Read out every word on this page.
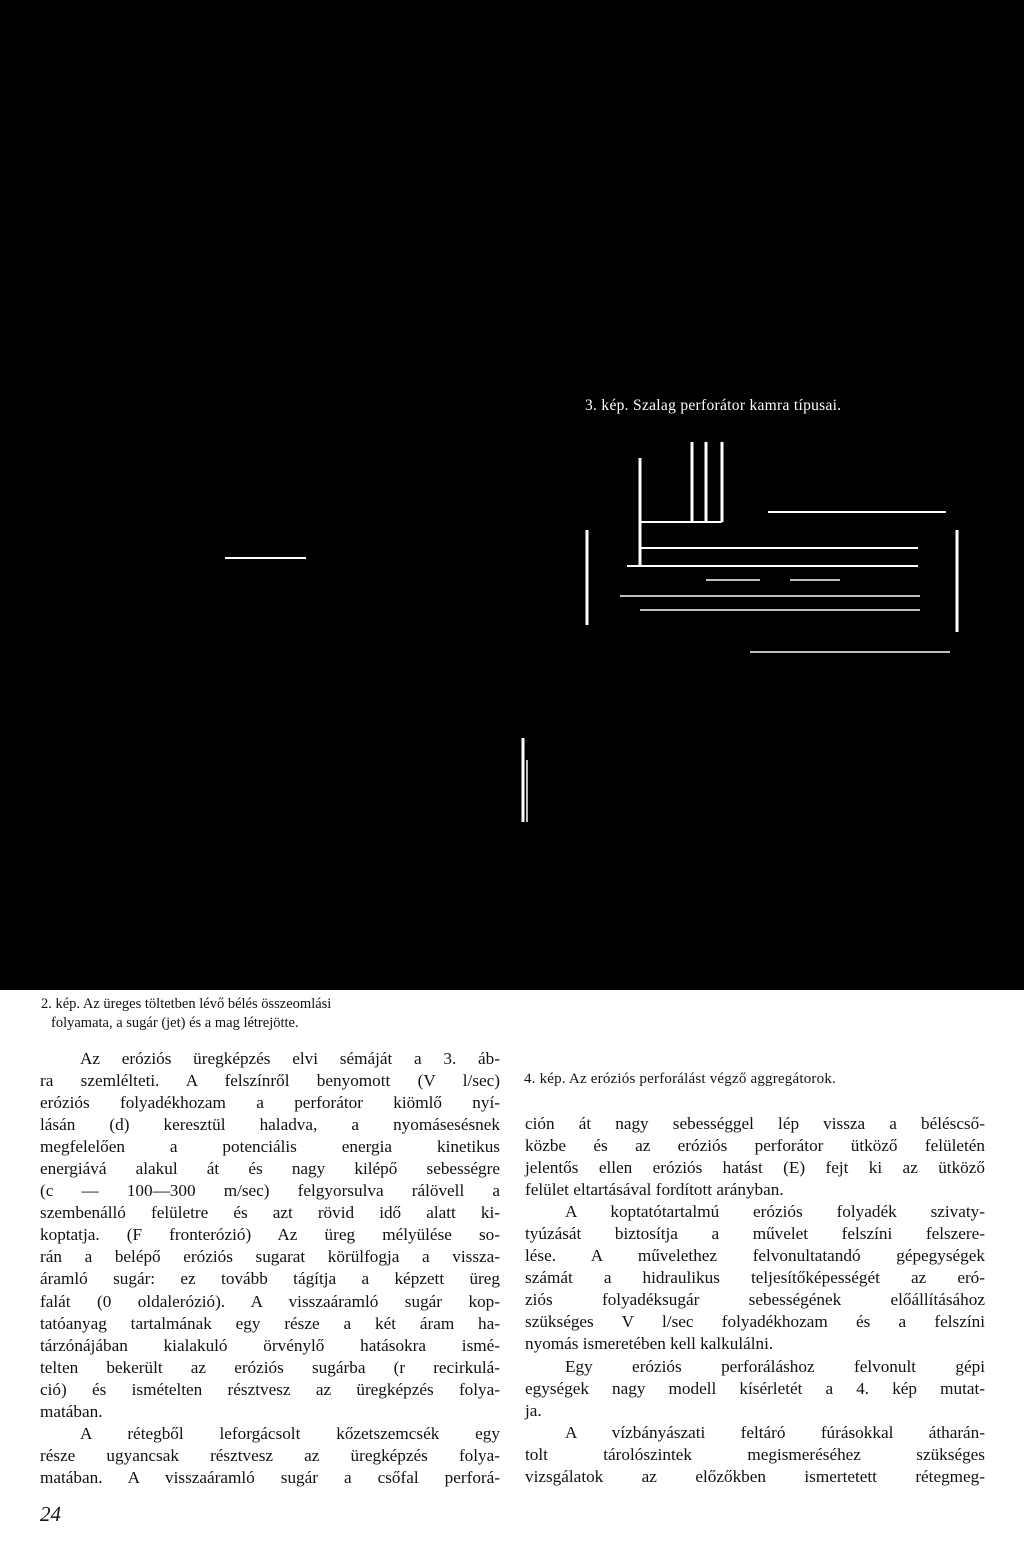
3. kép. Szalag perforátor kamra típusai.
2. kép. Az üreges töltetben lévő bélés összeomlási
folyamata, a sugár (jet) és a mag létrejötte.
4. kép. Az eróziós perforálást végző aggregátorok.
Az eróziós üregképzés elvi sémáját a 3. áb-
ra szemlélteti. A felszínről benyomott (V l/sec)
eróziós folyadékhozam a perforátor kiömlő nyí-
lásán (d) keresztül haladva, a nyomásesésnek
megfelelően a potenciális energia kinetikus
energiává alakul át és nagy kilépő sebességre
(c — 100—300 m/sec) felgyorsulva rálövell a
szembenálló felületre és azt rövid idő alatt ki-
koptatja. (F fronterózió) Az üreg mélyülése so-
rán a belépő eróziós sugarat körülfogja a vissza-
áramló sugár: ez tovább tágítja a képzett üreg
falát (0 oldalerózió). A visszaáramló sugár kop-
tatóanyag tartalmának egy része a két áram ha-
tárzónájában kialakuló örvénylő hatásokra ismé-
telten bekerült az eróziós sugárba (r recirkulá-
ció) és ismételten résztvesz az üregképzés folya-
matában.
A rétegből leforgácsolt kőzetszemcsék egy
része ugyancsak résztvesz az üregképzés folya-
matában. A visszaáramló sugár a csőfal perforá-
ción át nagy sebességgel lép vissza a béléscső-
közbe és az eróziós perforátor ütköző felületén
jelentős ellen eróziós hatást (E) fejt ki az ütköző
felület eltartásával fordított arányban.
A koptatótartalmú eróziós folyadék szivaty-
tyúzását biztosítja a művelet felszíni felszere-
lése. A művelethez felvonultatandó gépegységek
számát a hidraulikus teljesítőképességét az eró-
ziós folyadéksugár sebességének előállításához
szükséges V l/sec folyadékhozam és a felszíni
nyomás ismeretében kell kalkulálni.
Egy eróziós perforáláshoz felvonult gépi
egységek nagy modell kísérletét a 4. kép mutat-
ja.
A vízbányászati feltáró fúrásokkal átharán-
tolt tárolószintek megismeréséhez szükséges
vizsgálatok az előzőkben ismertetett rétegmeg-
24
